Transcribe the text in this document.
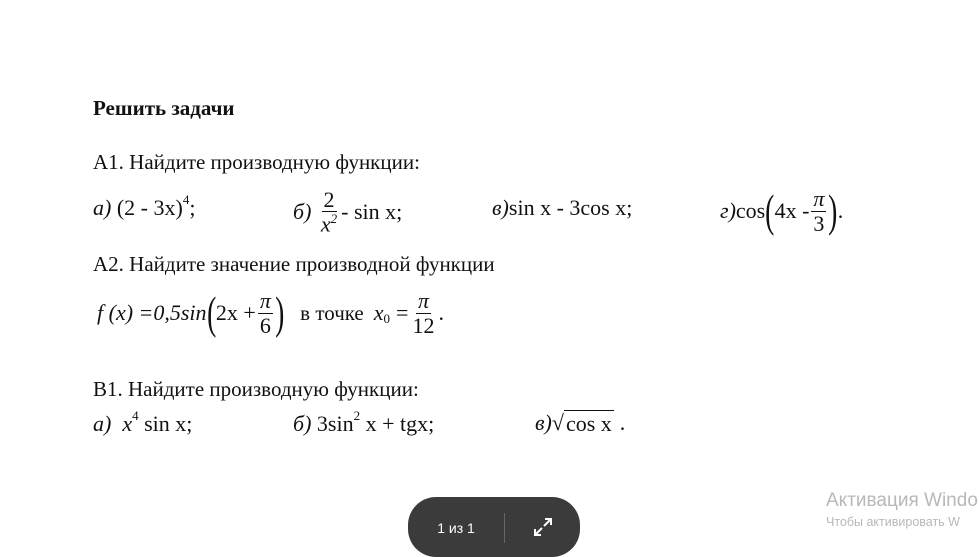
Решить задачи
А1. Найдите производную функции:
а)
(2 - 3x)$^4$ ;	б)
$\frac{2}{x^2}$ - sin x;	в) sin x - 3cos x;	г) cos ( $4x - \frac{\pi}{3}$ ) .
А2. Найдите значение производной функции
f (x) =0,5sin ( $2x + \frac{\pi}{6}$ ) в точке $x_0 = \frac{\pi}{12}$ .
В1. Найдите производную функции:
а)
$x^4$
sin x;	б)
$3\sin^2$
x + tgx;	в) √ cos x .
1 из 1
Активация Windo
Чтобы активировать W
